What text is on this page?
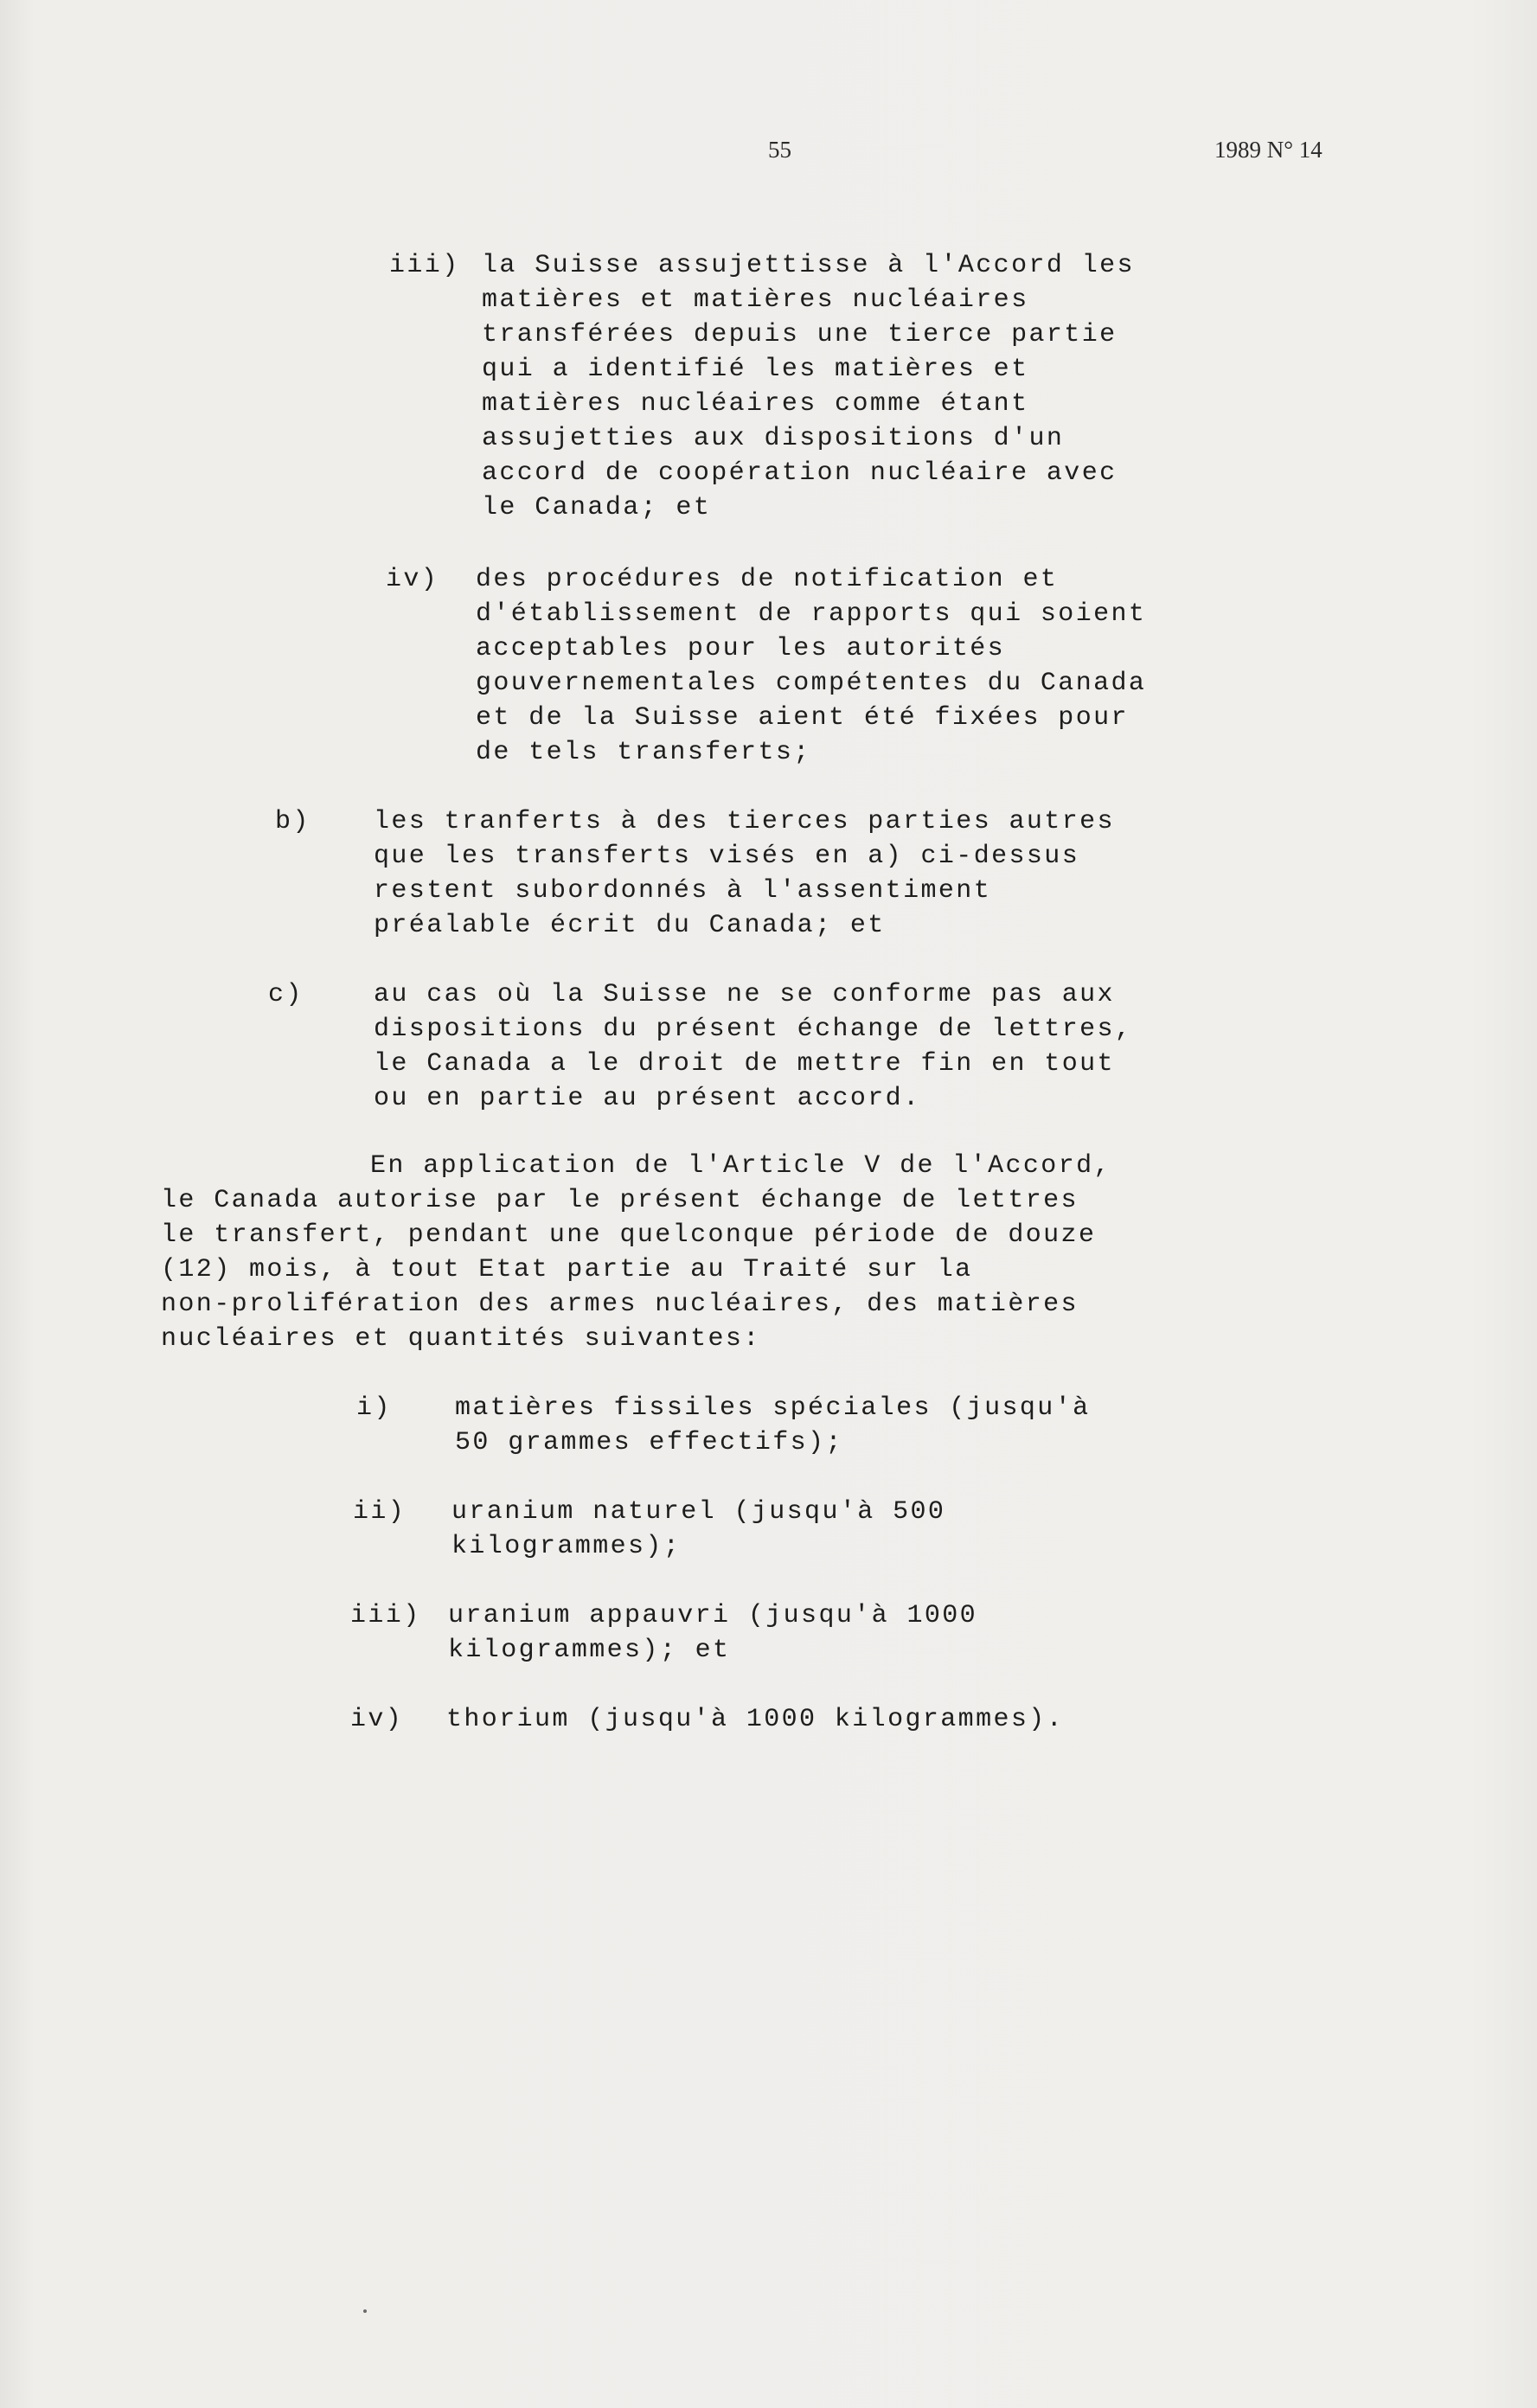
55	1989 N° 14
iii) la Suisse assujettisse à l'Accord les
matières et matières nucléaires
transférées depuis une tierce partie
qui a identifié les matières et
matières nucléaires comme étant
assujetties aux dispositions d'un
accord de coopération nucléaire avec
le Canada; et
iv) des procédures de notification et
d'établissement de rapports qui soient
acceptables pour les autorités
gouvernementales compétentes du Canada
et de la Suisse aient été fixées pour
de tels transferts;
b) les tranferts à des tierces parties autres
que les transferts visés en a) ci-dessus
restent subordonnés à l'assentiment
préalable écrit du Canada; et
c)	au cas où la Suisse ne se conforme pas aux
dispositions du présent échange de lettres,
le Canada a le droit de mettre fin en tout
ou en partie au présent accord.
En application de l'Article V de l'Accord,
le Canada autorise par le présent échange de lettres
le transfert, pendant une quelconque période de douze
(12) mois, à tout Etat partie au Traité sur la
non-prolifération des armes nucléaires, des matières
nucléaires et quantités suivantes:
i) matières fissiles spéciales (jusqu'à
50 grammes effectifs);
ii) uranium naturel (jusqu'à 500
kilogrammes);
iii) uranium appauvri (jusqu'à 1000
kilogrammes); et
iv) thorium (jusqu'à 1000 kilogrammes).
